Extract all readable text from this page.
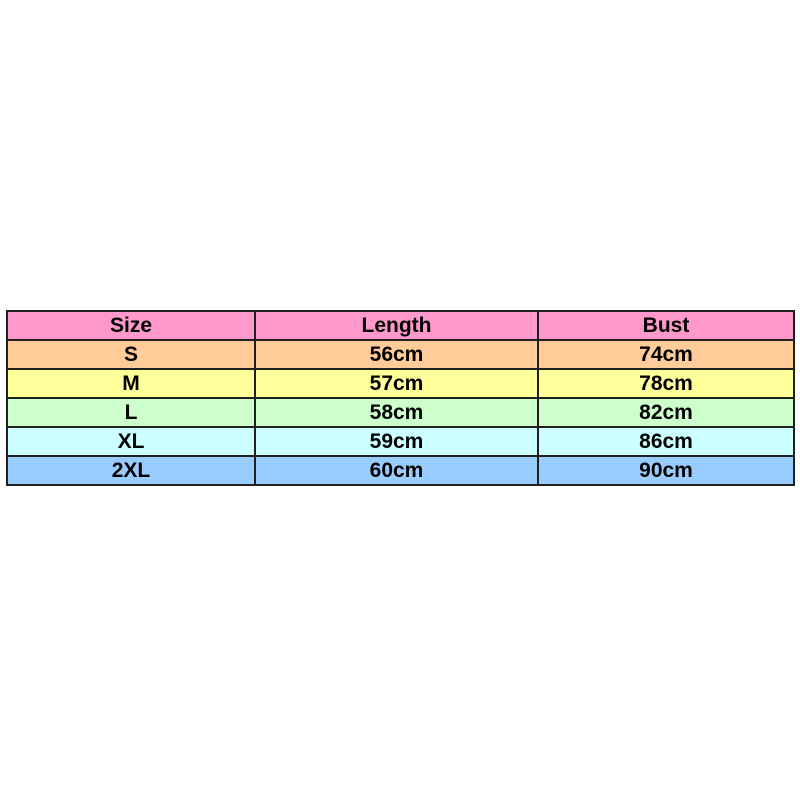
Size	Length	Bust
S	56cm	74cm
M	57cm	78cm
L	58cm	82cm
XL	59cm	86cm
2XL	60cm	90cm
